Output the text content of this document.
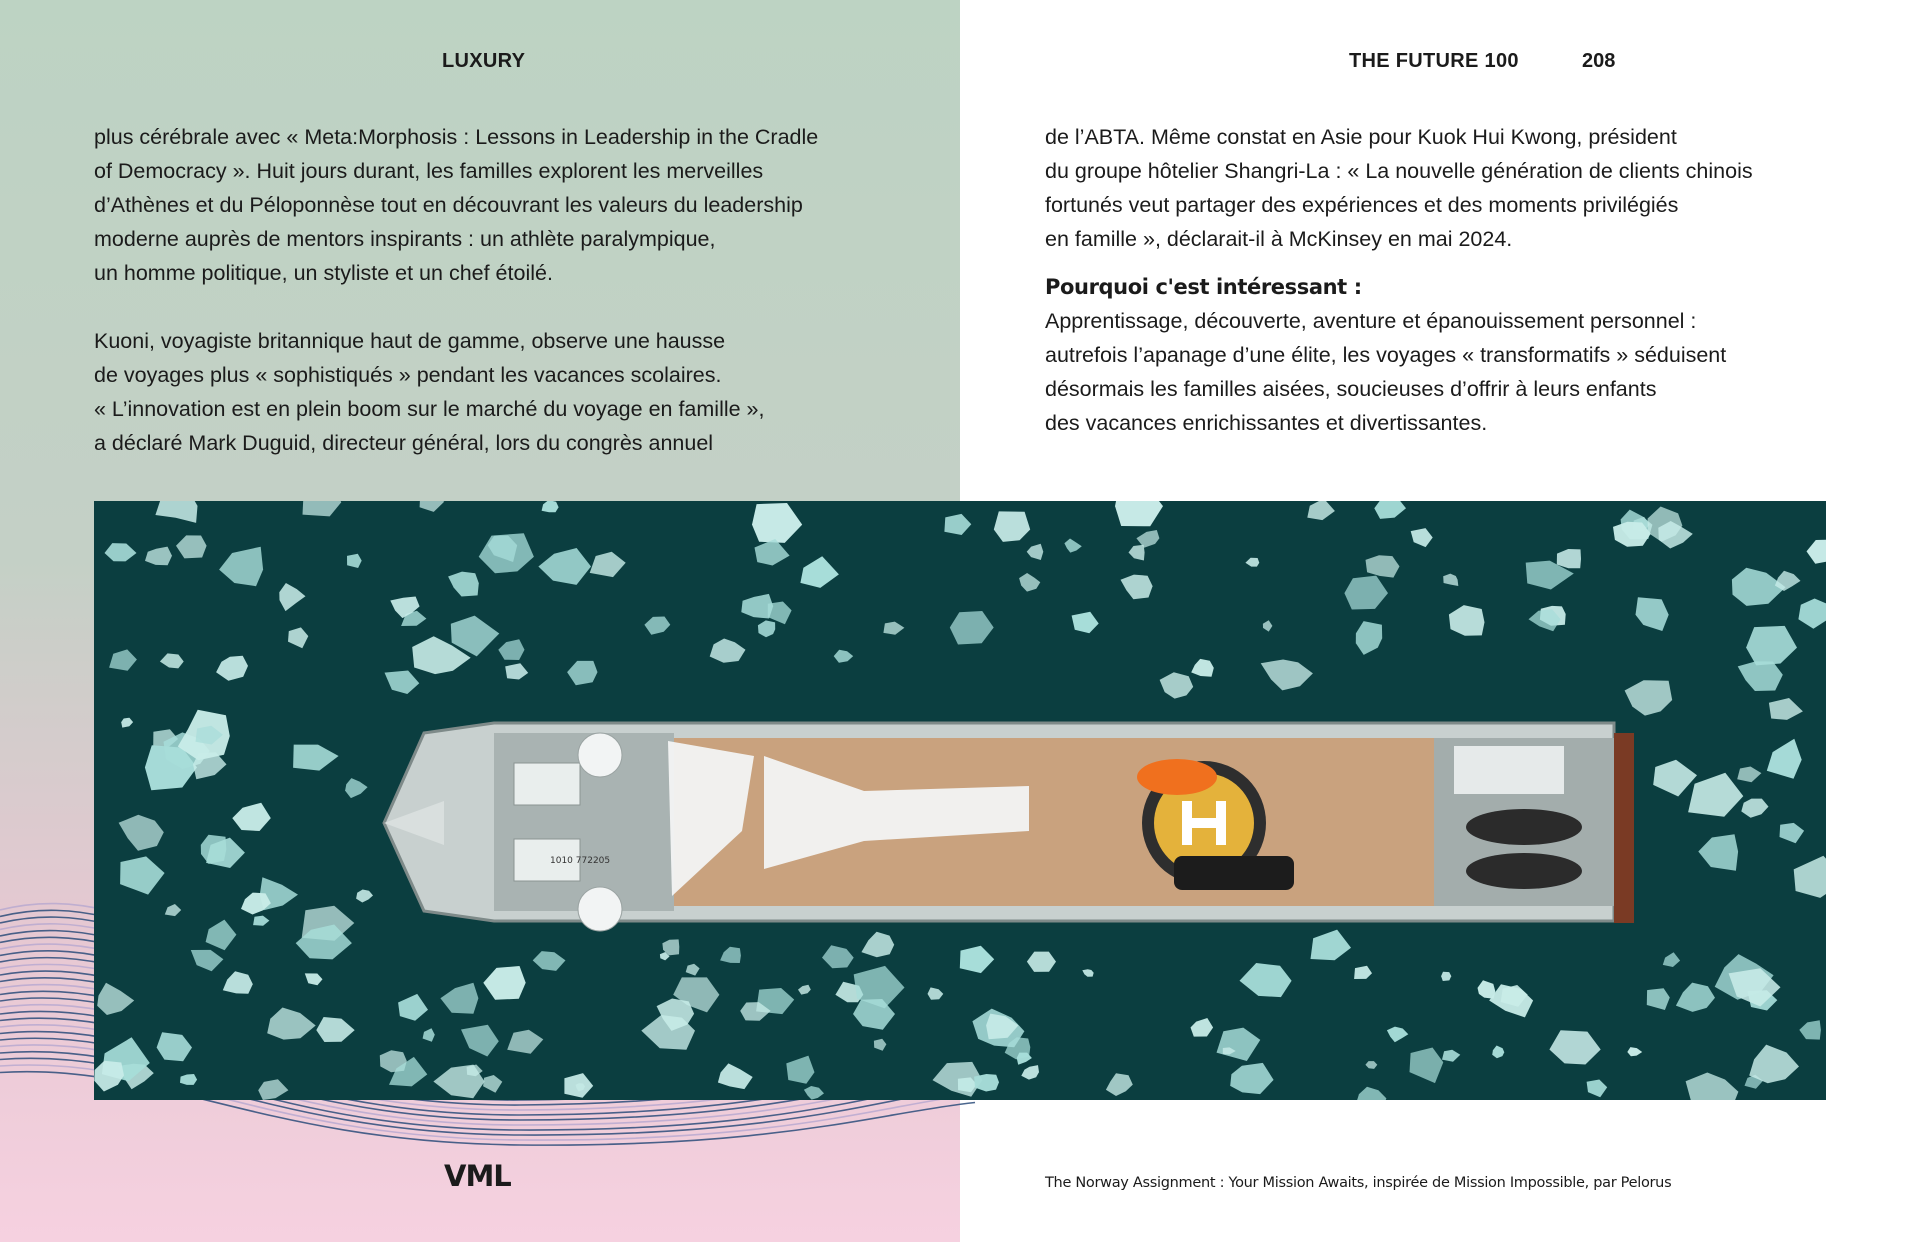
LUXURY	THE FUTURE 100	208

plus cérébrale avec « Meta:Morphosis : Lessons in Leadership in the Cradle

of Democracy ». Huit jours durant, les familles explorent les merveilles

d’Athènes et du Péloponnèse tout en découvrant les valeurs du leadership

moderne auprès de mentors inspirants : un athlète paralympique,

un homme politique, un styliste et un chef étoilé.

Kuoni, voyagiste britannique haut de gamme, observe une hausse

de voyages plus « sophistiqués » pendant les vacances scolaires.

« L’innovation est en plein boom sur le marché du voyage en famille »,

a déclaré Mark Duguid, directeur général, lors du congrès annuel

de l’ABTA. Même constat en Asie pour Kuok Hui Kwong, président

du groupe hôtelier Shangri-La : « La nouvelle génération de clients chinois

fortunés veut partager des expériences et des moments privilégiés

en famille », déclarait-il à McKinsey en mai 2024.

Pourquoi c'est intéressant :

Apprentissage, découverte, aventure et épanouissement personnel :

autrefois l’apanage d’une élite, les voyages « transformatifs » séduisent

désormais les familles aisées, soucieuses d’offrir à leurs enfants

des vacances enrichissantes et divertissantes.

1010 772205
VML	The Norway Assignment : Your Mission Awaits, inspirée de Mission Impossible, par Pelorus
